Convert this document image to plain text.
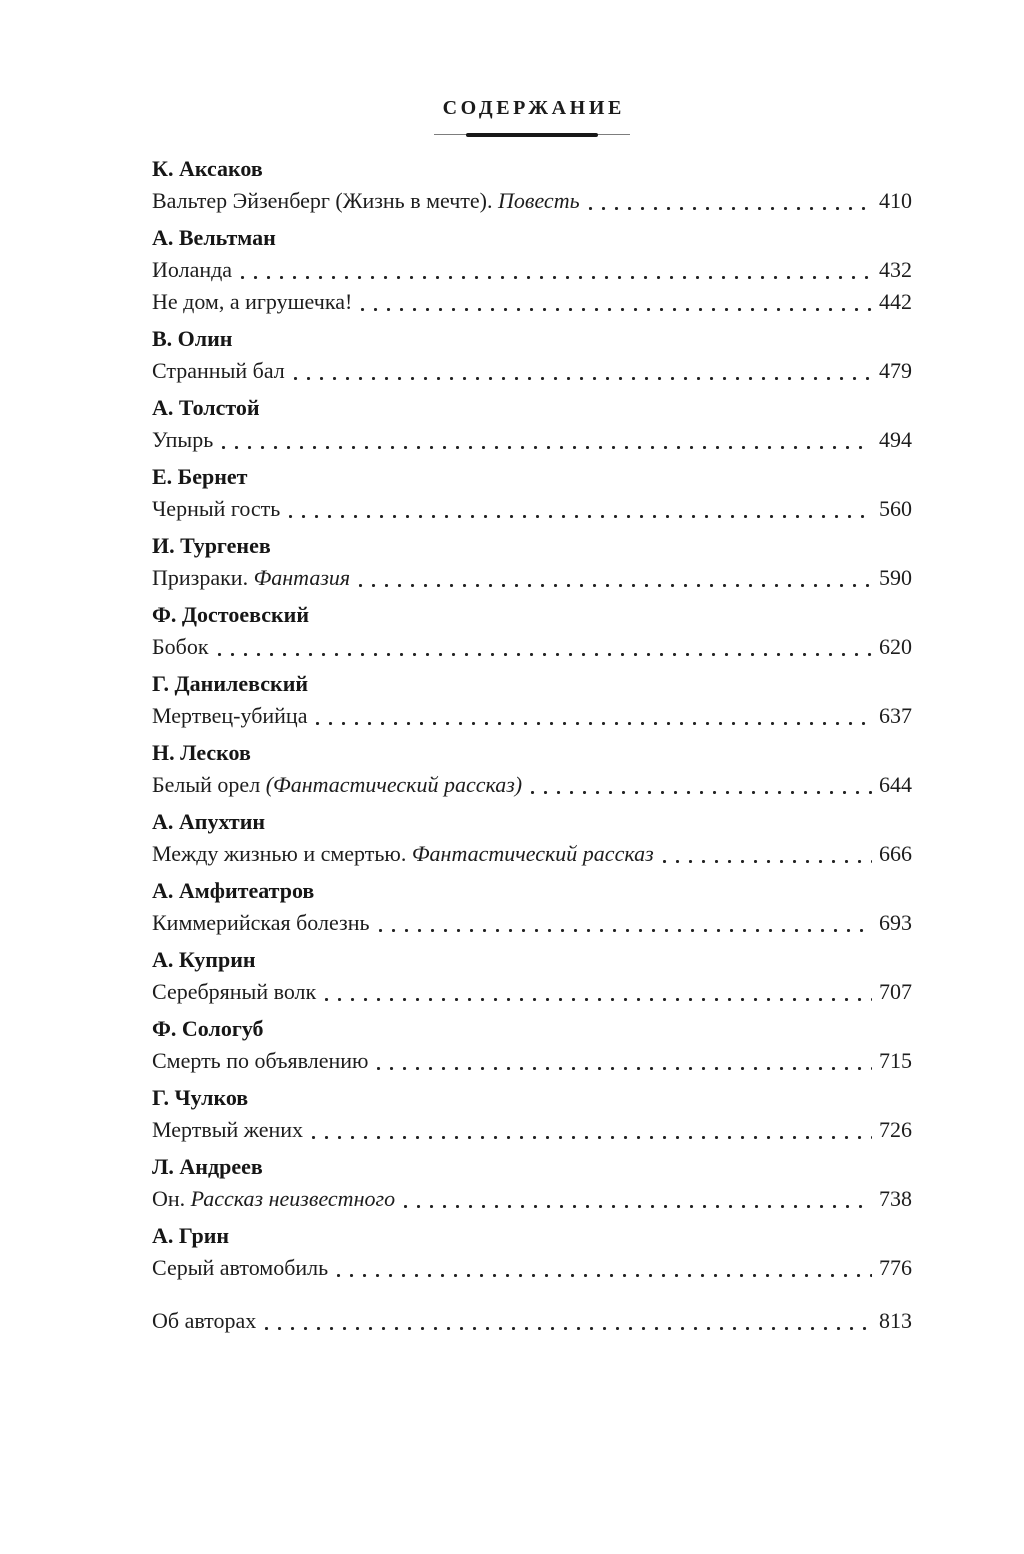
СОДЕРЖАНИЕ
К. Аксаков
Вальтер Эйзенберг (Жизнь в мечте). Повесть	410
А. Вельтман
Иоланда	432
Не дом, а игрушечка!	442
В. Олин
Странный бал	479
А. Толстой
Упырь	494
Е. Бернет
Черный гость	560
И. Тургенев
Призраки. Фантазия	590
Ф. Достоевский
Бобок	620
Г. Данилевский
Мертвец-убийца	637
Н. Лесков
Белый орел (Фантастический рассказ)	644
А. Апухтин
Между жизнью и смертью. Фантастический рассказ	666
А. Амфитеатров
Киммерийская болезнь	693
А. Куприн
Серебряный волк	707
Ф. Сологуб
Смерть по объявлению	715
Г. Чулков
Мертвый жених	726
Л. Андреев
Он. Рассказ неизвестного	738
А. Грин
Серый автомобиль	776
Об авторах	813
